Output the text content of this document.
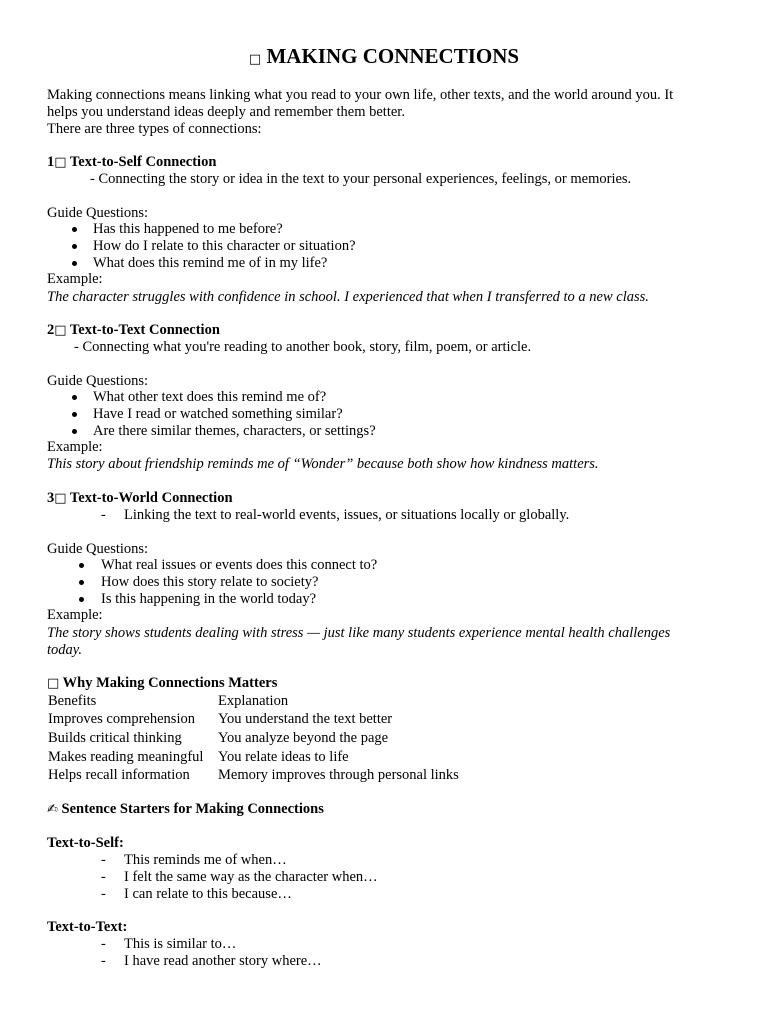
□ MAKING CONNECTIONS
Making connections means linking what you read to your own life, other texts, and the world around you. It
helps you understand ideas deeply and remember them better.
There are three types of connections:
1□ Text-to-Self Connection
- Connecting the story or idea in the text to your personal experiences, feelings, or memories.
Guide Questions:
Has this happened to me before?
How do I relate to this character or situation?
What does this remind me of in my life?
Example:
The character struggles with confidence in school. I experienced that when I transferred to a new class.
2□ Text-to-Text Connection
- Connecting what you're reading to another book, story, film, poem, or article.
Guide Questions:
What other text does this remind me of?
Have I read or watched something similar?
Are there similar themes, characters, or settings?
Example:
This story about friendship reminds me of “Wonder” because both show how kindness matters.
3□ Text-to-World Connection
- Linking the text to real-world events, issues, or situations locally or globally.
Guide Questions:
What real issues or events does this connect to?
How does this story relate to society?
Is this happening in the world today?
Example:
The story shows students dealing with stress — just like many students experience mental health challenges
today.
□ Why Making Connections Matters
Benefits	Explanation
Improves comprehension You understand the text better
Builds critical thinking	You analyze beyond the page
Makes reading meaningful You relate ideas to life
Helps recall information Memory improves through personal links
✍ Sentence Starters for Making Connections
Text-to-Self:
- This reminds me of when…
- I felt the same way as the character when…
- I can relate to this because…
Text-to-Text:
- This is similar to…
- I have read another story where…
